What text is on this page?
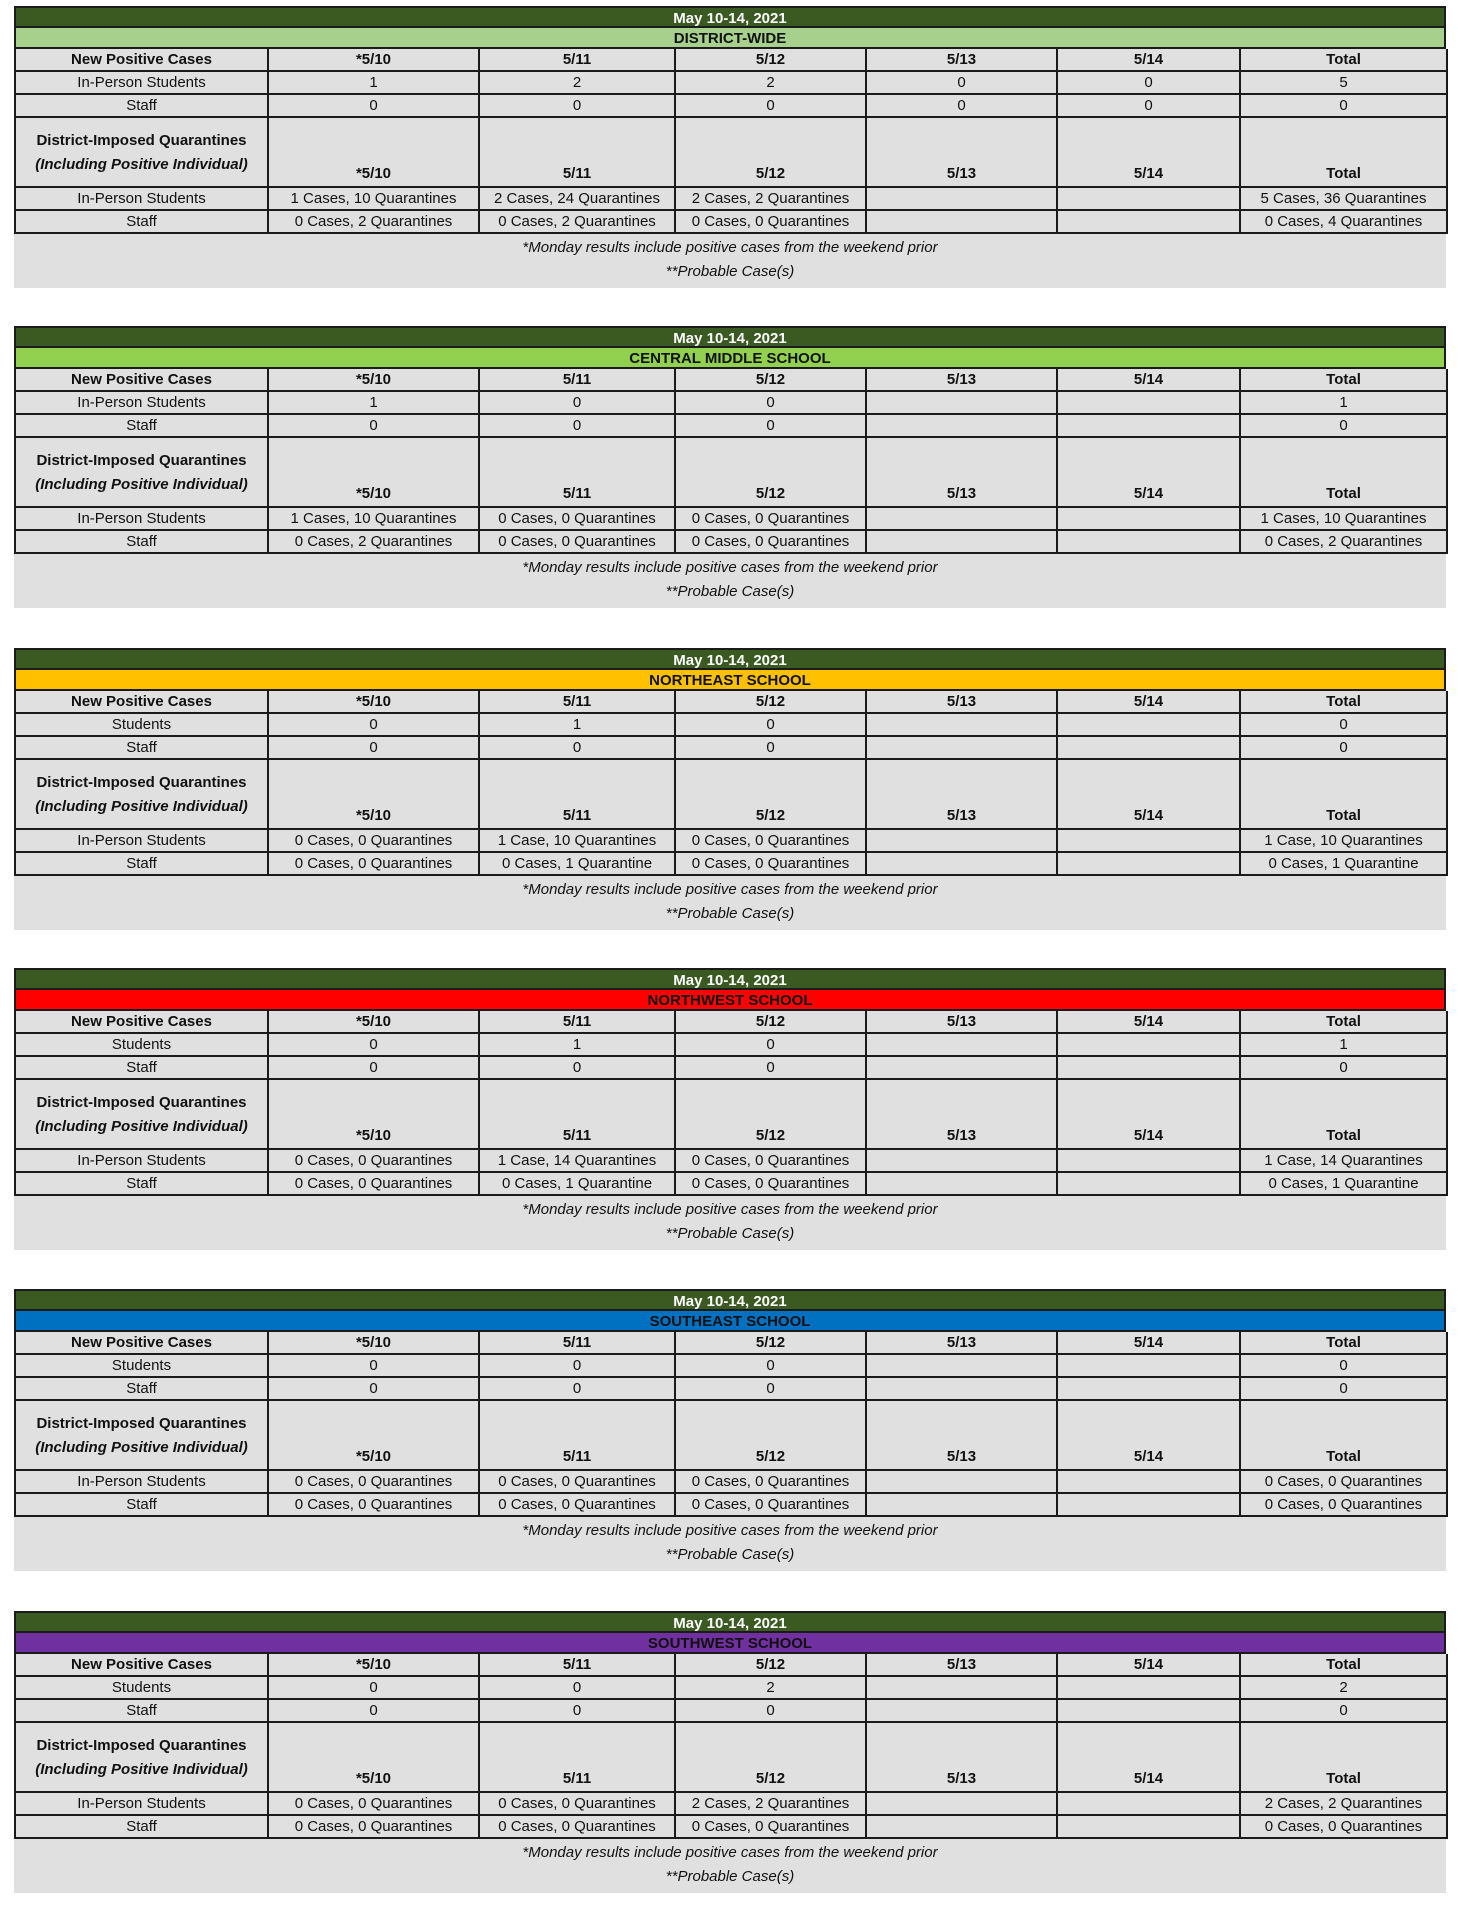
May 10-14, 2021
DISTRICT-WIDE
New Positive Cases	*5/10	5/11	5/12	5/13	5/14	Total
In-Person Students	1	2	2	0	0	5
Staff	0	0	0	0	0	0

District-Imposed Quarantines
(Including Positive Individual)	*5/10	5/11	5/12	5/13	5/14	Total
In-Person Students	1 Cases, 10 Quarantines	2 Cases, 24 Quarantines	2 Cases, 2 Quarantines			5 Cases, 36 Quarantines
Staff	0 Cases, 2 Quarantines	0 Cases, 2 Quarantines	0 Cases, 0 Quarantines			0 Cases, 4 Quarantines
*Monday results include positive cases from the weekend prior
**Probable Case(s)
May 10-14, 2021
CENTRAL MIDDLE SCHOOL
New Positive Cases	*5/10	5/11	5/12	5/13	5/14	Total
In-Person Students	1	0	0			1
Staff	0	0	0			0

District-Imposed Quarantines
(Including Positive Individual)	*5/10	5/11	5/12	5/13	5/14	Total
In-Person Students	1 Cases, 10 Quarantines	0 Cases, 0 Quarantines	0 Cases, 0 Quarantines			1 Cases, 10 Quarantines
Staff	0 Cases, 2 Quarantines	0 Cases, 0 Quarantines	0 Cases, 0 Quarantines			0 Cases, 2 Quarantines
*Monday results include positive cases from the weekend prior
**Probable Case(s)
May 10-14, 2021
NORTHEAST SCHOOL
New Positive Cases	*5/10	5/11	5/12	5/13	5/14	Total
Students	0	1	0			0
Staff	0	0	0			0

District-Imposed Quarantines
(Including Positive Individual)	*5/10	5/11	5/12	5/13	5/14	Total
In-Person Students	0 Cases, 0 Quarantines	1 Case, 10 Quarantines	0 Cases, 0 Quarantines			1 Case, 10 Quarantines
Staff	0 Cases, 0 Quarantines	0 Cases, 1 Quarantine	0 Cases, 0 Quarantines			0 Cases, 1 Quarantine
*Monday results include positive cases from the weekend prior
**Probable Case(s)
May 10-14, 2021
NORTHWEST SCHOOL
New Positive Cases	*5/10	5/11	5/12	5/13	5/14	Total
Students	0	1	0			1
Staff	0	0	0			0

District-Imposed Quarantines
(Including Positive Individual)	*5/10	5/11	5/12	5/13	5/14	Total
In-Person Students	0 Cases, 0 Quarantines	1 Case, 14 Quarantines	0 Cases, 0 Quarantines			1 Case, 14 Quarantines
Staff	0 Cases, 0 Quarantines	0 Cases, 1 Quarantine	0 Cases, 0 Quarantines			0 Cases, 1 Quarantine
*Monday results include positive cases from the weekend prior
**Probable Case(s)
May 10-14, 2021
SOUTHEAST SCHOOL
New Positive Cases	*5/10	5/11	5/12	5/13	5/14	Total
Students	0	0	0			0
Staff	0	0	0			0

District-Imposed Quarantines
(Including Positive Individual)	*5/10	5/11	5/12	5/13	5/14	Total
In-Person Students	0 Cases, 0 Quarantines	0 Cases, 0 Quarantines	0 Cases, 0 Quarantines			0 Cases, 0 Quarantines
Staff	0 Cases, 0 Quarantines	0 Cases, 0 Quarantines	0 Cases, 0 Quarantines			0 Cases, 0 Quarantines
*Monday results include positive cases from the weekend prior
**Probable Case(s)
May 10-14, 2021
SOUTHWEST SCHOOL
New Positive Cases	*5/10	5/11	5/12	5/13	5/14	Total
Students	0	0	2			2
Staff	0	0	0			0

District-Imposed Quarantines
(Including Positive Individual)	*5/10	5/11	5/12	5/13	5/14	Total
In-Person Students	0 Cases, 0 Quarantines	0 Cases, 0 Quarantines	2 Cases, 2 Quarantines			2 Cases, 2 Quarantines
Staff	0 Cases, 0 Quarantines	0 Cases, 0 Quarantines	0 Cases, 0 Quarantines			0 Cases, 0 Quarantines
*Monday results include positive cases from the weekend prior
**Probable Case(s)
